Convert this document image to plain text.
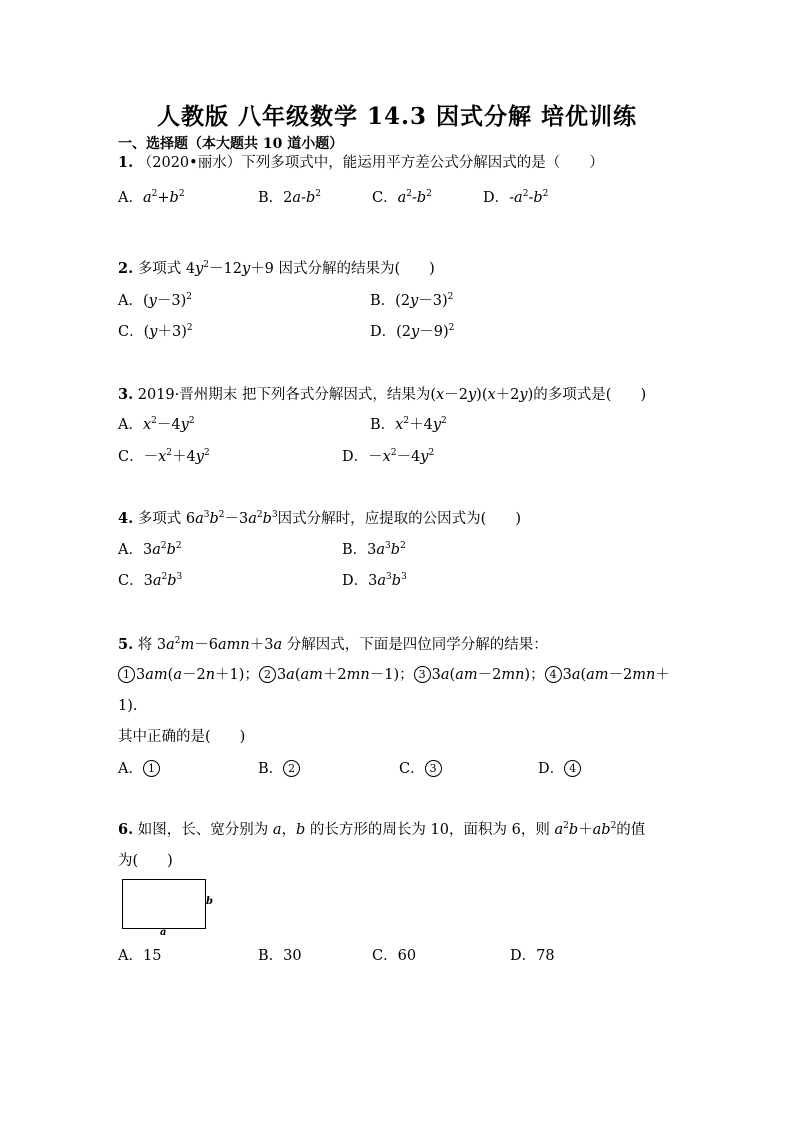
人教版 八年级数学 14.3 因式分解 培优训练
一、选择题（本大题共 10 道小题）
1. （2020•丽水）下列多项式中，能运用平方差公式分解因式的是（　　）
A．$a^2+b^2$	B．$2a-b^2$	C．$a^2-b^2$	D．$-a^2-b^2$
2. 多项式 $4y^2-12y+9$ 因式分解的结果为(　　)
A．$(y-3)^2$	B．$(2y-3)^2$
C．$(y+3)^2$	D．$(2y-9)^2$
3. 2019·晋州期末 把下列各式分解因式，结果为(x－2y)(x＋2y)的多项式是(　　)
A．$x^2-4y^2$	B．$x^2+4y^2$
C．$-x^2+4y^2$	D．$-x^2-4y^2$
4. 多项式 $6a^3b^2-3a^2b^3$因式分解时，应提取的公因式为(　　)
A．$3a^2b^2$	B．$3a^3b^2$
C．$3a^2b^3$	D．$3a^3b^3$
5. 将 $3a^2m-6amn+3a$ 分解因式，下面是四位同学分解的结果：
1 3am(a－2n＋1)； 2 3a(am＋2mn－1)； 3 3a(am－2mn)； 4 3a(am－2mn＋
1).
其中正确的是(　　)
A． 1	B． 2	C． 3	D． 4
6. 如图，长、宽分别为 a，b 的长方形的周长为 10，面积为 6，则 $a^2b+ab^2$的值
为(　　)
b
a
A．15	B．30	C．60	D．78
